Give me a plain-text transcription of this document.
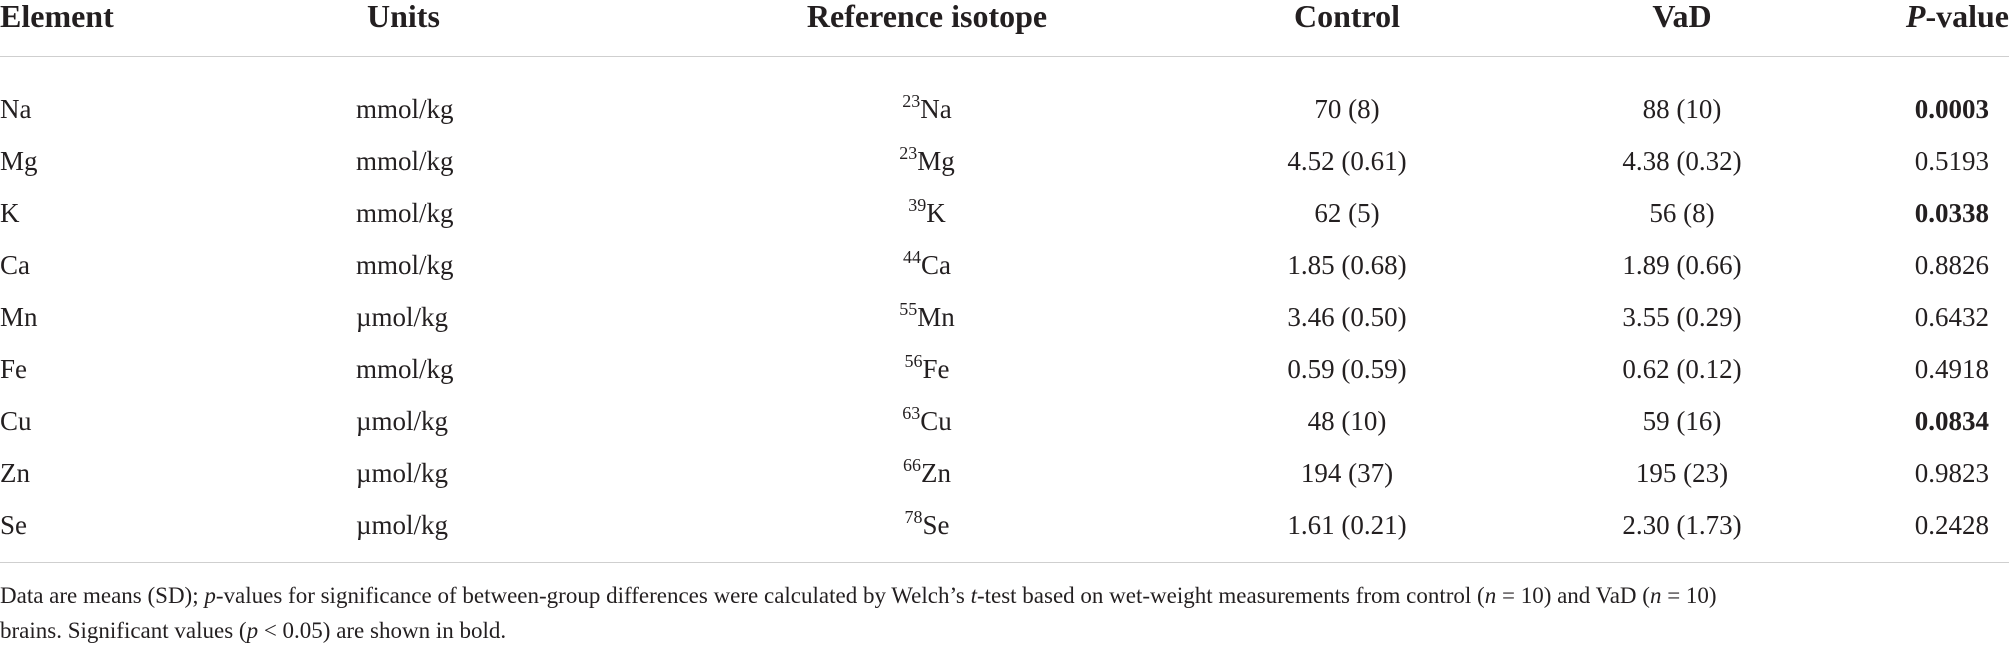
Element	Units	Reference isotope	Control	VaD	P-value

Na	mmol/kg	$^{23}$Na	70 (8)	88 (10)	0.0003
Mg	mmol/kg	$^{23}$Mg	4.52 (0.61)	4.38 (0.32)	0.5193
K	mmol/kg	$^{39}$K	62 (5)	56 (8)	0.0338
Ca	mmol/kg	$^{44}$Ca	1.85 (0.68)	1.89 (0.66)	0.8826
Mn	µmol/kg	$^{55}$Mn	3.46 (0.50)	3.55 (0.29)	0.6432
Fe	mmol/kg	$^{56}$Fe	0.59 (0.59)	0.62 (0.12)	0.4918
Cu	µmol/kg	$^{63}$Cu	48 (10)	59 (16)	0.0834
Zn	µmol/kg	$^{66}$Zn	194 (37)	195 (23)	0.9823
Se	µmol/kg	$^{78}$Se	1.61 (0.21)	2.30 (1.73)	0.2428
Data are means (SD); p-values for significance of between-group differences were calculated by Welch’s t-test based on wet-weight measurements from control (n = 10) and VaD (n = 10)
brains. Significant values (p < 0.05) are shown in bold.
